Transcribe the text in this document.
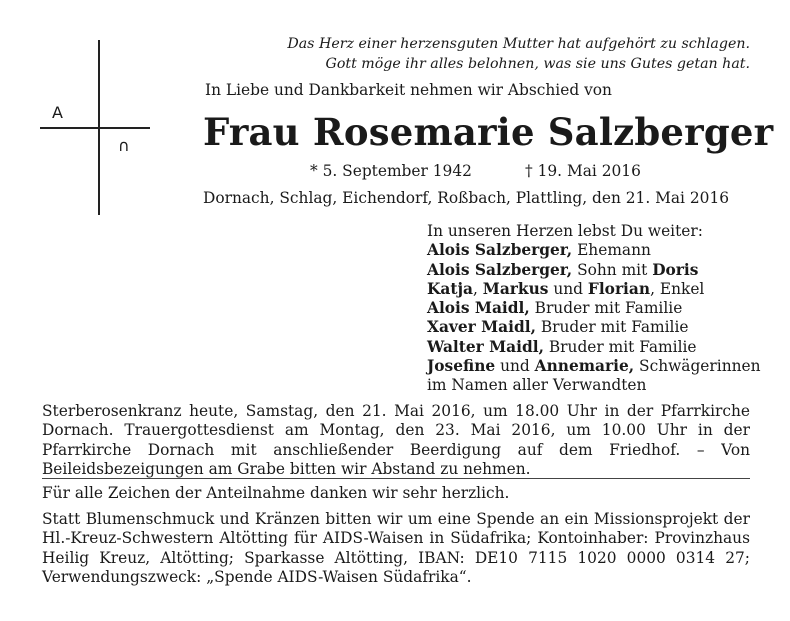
A
∩
Das Herz einer herzensguten Mutter hat aufgehört zu schlagen.
Gott möge ihr alles belohnen, was sie uns Gutes getan hat.
In Liebe und Dankbarkeit nehmen wir Abschied von
Frau Rosemarie Salzberger
* 5. September 1942	† 19. Mai 2016
Dornach, Schlag, Eichendorf, Roßbach, Plattling, den 21. Mai 2016
In unseren Herzen lebst Du weiter:
Alois Salzberger, Ehemann
Alois Salzberger, Sohn mit Doris
Katja, Markus und Florian, Enkel
Alois Maidl, Bruder mit Familie
Xaver Maidl, Bruder mit Familie
Walter Maidl, Bruder mit Familie
Josefine und Annemarie, Schwägerinnen
im Namen aller Verwandten
Sterberosenkranz heute, Samstag, den 21. Mai 2016, um 18.00 Uhr in der Pfarrkirche Dornach. Trauergottesdienst am Montag, den 23. Mai 2016, um 10.00 Uhr in der Pfarrkirche Dornach mit anschließender Beerdigung auf dem Friedhof. – Von Beileidsbezeigungen am Grabe bitten wir Abstand zu nehmen.
Für alle Zeichen der Anteilnahme danken wir sehr herzlich.
Statt Blumenschmuck und Kränzen bitten wir um eine Spende an ein Missionsprojekt der Hl.-Kreuz-Schwestern Altötting für AIDS-Waisen in Südafrika; Kontoinhaber: Provinzhaus Heilig Kreuz, Altötting; Sparkasse Altötting, IBAN: DE10 7115 1020 0000 0314 27; Verwendungszweck: „Spende AIDS-Waisen Südafrika“.
